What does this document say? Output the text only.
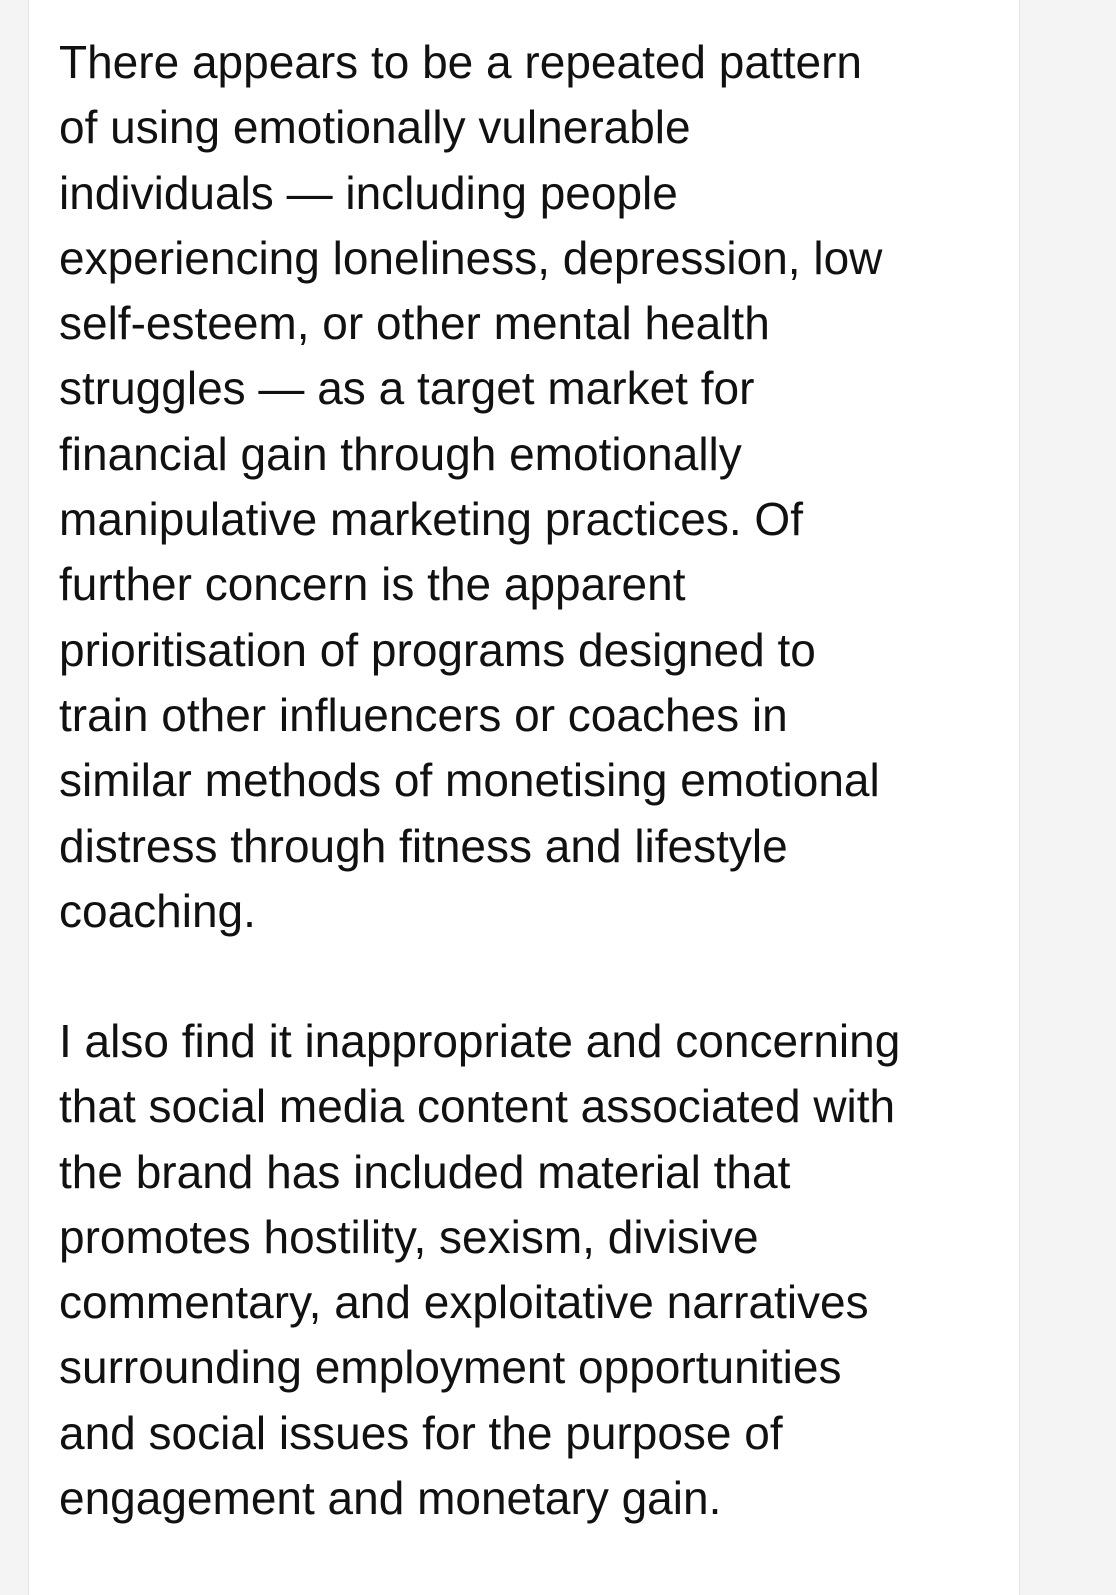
There appears to be a repeated pattern
of using emotionally vulnerable
individuals — including people
experiencing loneliness, depression, low
self-esteem, or other mental health
struggles — as a target market for
financial gain through emotionally
manipulative marketing practices. Of
further concern is the apparent
prioritisation of programs designed to
train other influencers or coaches in
similar methods of monetising emotional
distress through fitness and lifestyle
coaching.

I also find it inappropriate and concerning
that social media content associated with
the brand has included material that
promotes hostility, sexism, divisive
commentary, and exploitative narratives
surrounding employment opportunities
and social issues for the purpose of
engagement and monetary gain.
